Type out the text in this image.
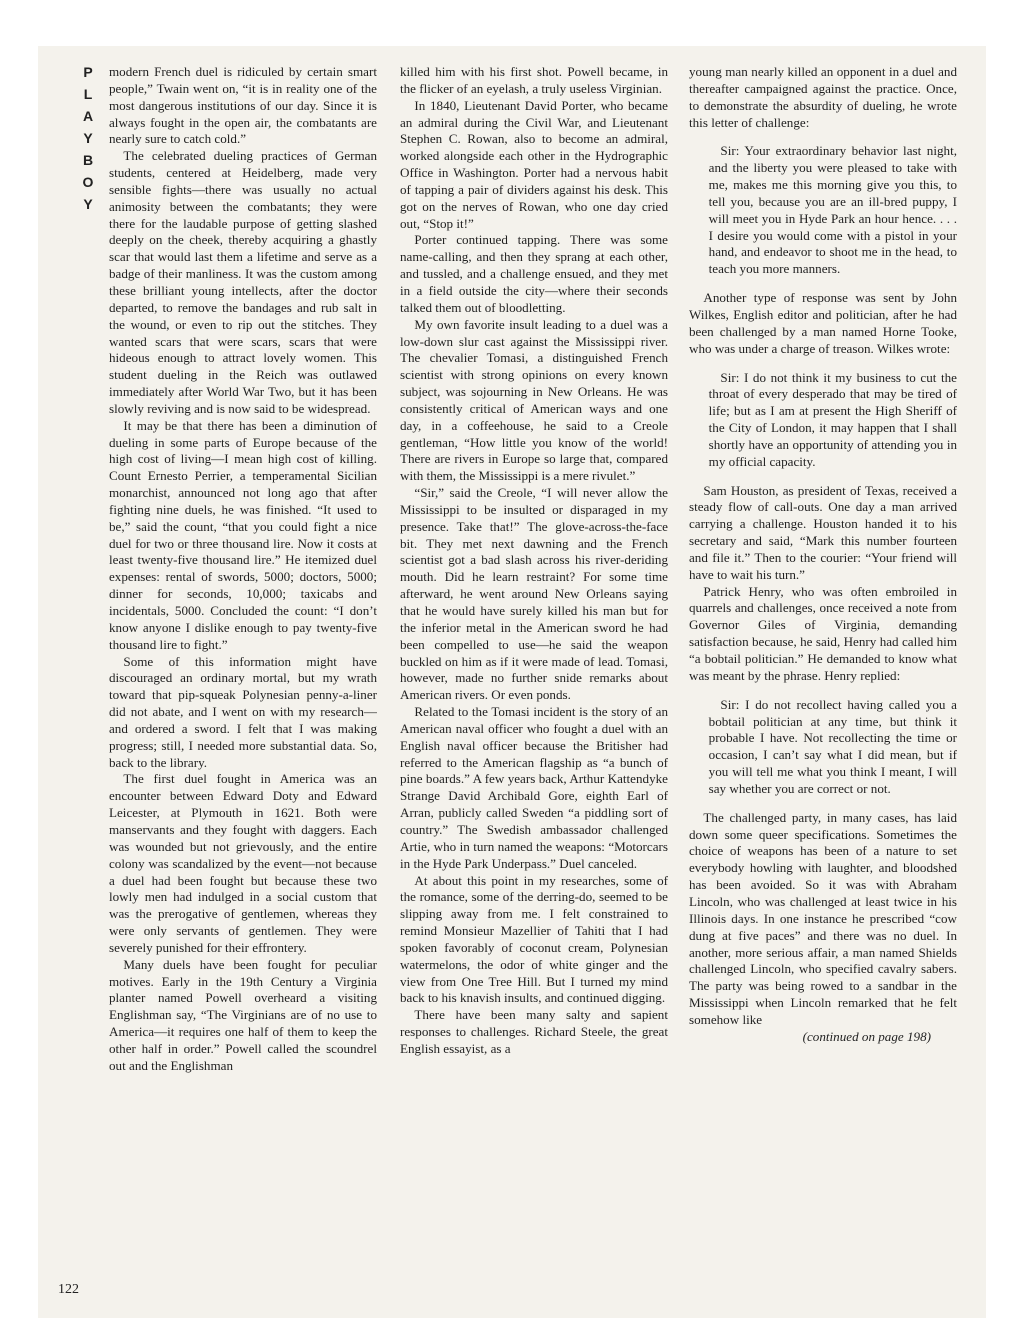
PLAYBOY modern French duel is ridiculed by certain smart people,” Twain went on, “it is in reality one of the most dangerous institutions of our day. Since it is always fought in the open air, the combatants are nearly sure to catch cold.”

The celebrated dueling practices of German students, centered at Heidelberg, made very sensible fights—there was usually no actual animosity between the combatants; they were there for the laudable purpose of getting slashed deeply on the cheek, thereby acquiring a ghastly scar that would last them a lifetime and serve as a badge of their manliness. It was the custom among these brilliant young intellects, after the doctor departed, to remove the bandages and rub salt in the wound, or even to rip out the stitches. They wanted scars that were scars, scars that were hideous enough to attract lovely women. This student dueling in the Reich was outlawed immediately after World War Two, but it has been slowly reviving and is now said to be widespread.

It may be that there has been a diminution of dueling in some parts of Europe because of the high cost of living—I mean high cost of killing. Count Ernesto Perrier, a temperamental Sicilian monarchist, announced not long ago that after fighting nine duels, he was finished. “It used to be,” said the count, “that you could fight a nice duel for two or three thousand lire. Now it costs at least twenty-five thousand lire.” He itemized duel expenses: rental of swords, 5000; doctors, 5000; dinner for seconds, 10,000; taxicabs and incidentals, 5000. Concluded the count: “I don’t know anyone I dislike enough to pay twenty-five thousand lire to fight.”

Some of this information might have discouraged an ordinary mortal, but my wrath toward that pip-squeak Polynesian penny-a-liner did not abate, and I went on with my research—and ordered a sword. I felt that I was making progress; still, I needed more substantial data. So, back to the library.

The first duel fought in America was an encounter between Edward Doty and Edward Leicester, at Plymouth in 1621. Both were manservants and they fought with daggers. Each was wounded but not grievously, and the entire colony was scandalized by the event—not because a duel had been fought but because these two lowly men had indulged in a social custom that was the prerogative of gentlemen, whereas they were only servants of gentlemen. They were severely punished for their effrontery.

Many duels have been fought for peculiar motives. Early in the 19th Century a Virginia planter named Powell overheard a visiting Englishman say, “The Virginians are of no use to America—it requires one half of them to keep the other half in order.” Powell called the scoundrel out and the Englishman

killed him with his first shot. Powell became, in the flicker of an eyelash, a truly useless Virginian.

In 1840, Lieutenant David Porter, who became an admiral during the Civil War, and Lieutenant Stephen C. Rowan, also to become an admiral, worked alongside each other in the Hydrographic Office in Washington. Porter had a nervous habit of tapping a pair of dividers against his desk. This got on the nerves of Rowan, who one day cried out, “Stop it!”

Porter continued tapping. There was some name-calling, and then they sprang at each other, and tussled, and a challenge ensued, and they met in a field outside the city—where their seconds talked them out of bloodletting.

My own favorite insult leading to a duel was a low-down slur cast against the Mississippi river. The chevalier Tomasi, a distinguished French scientist with strong opinions on every known subject, was sojourning in New Orleans. He was consistently critical of American ways and one day, in a coffeehouse, he said to a Creole gentleman, “How little you know of the world! There are rivers in Europe so large that, compared with them, the Mississippi is a mere rivulet.”

“Sir,” said the Creole, “I will never allow the Mississippi to be insulted or disparaged in my presence. Take that!” The glove-across-the-face bit. They met next dawning and the French scientist got a bad slash across his river-deriding mouth. Did he learn restraint? For some time afterward, he went around New Orleans saying that he would have surely killed his man but for the inferior metal in the American sword he had been compelled to use—he said the weapon buckled on him as if it were made of lead. Tomasi, however, made no further snide remarks about American rivers. Or even ponds.

Related to the Tomasi incident is the story of an American naval officer who fought a duel with an English naval officer because the Britisher had referred to the American flagship as “a bunch of pine boards.” A few years back, Arthur Kattendyke Strange David Archibald Gore, eighth Earl of Arran, publicly called Sweden “a piddling sort of country.” The Swedish ambassador challenged Artie, who in turn named the weapons: “Motorcars in the Hyde Park Underpass.” Duel canceled.

At about this point in my researches, some of the romance, some of the derring-do, seemed to be slipping away from me. I felt constrained to remind Monsieur Mazellier of Tahiti that I had spoken favorably of coconut cream, Polynesian watermelons, the odor of white ginger and the view from One Tree Hill. But I turned my mind back to his knavish insults, and continued digging.

There have been many salty and sapient responses to challenges. Richard Steele, the great English essayist, as a

young man nearly killed an opponent in a duel and thereafter campaigned against the practice. Once, to demonstrate the absurdity of dueling, he wrote this letter of challenge:

Sir: Your extraordinary behavior last night, and the liberty you were pleased to take with me, makes me this morning give you this, to tell you, because you are an ill-bred puppy, I will meet you in Hyde Park an hour hence. . . . I desire you would come with a pistol in your hand, and endeavor to shoot me in the head, to teach you more manners.

Another type of response was sent by John Wilkes, English editor and politician, after he had been challenged by a man named Horne Tooke, who was under a charge of treason. Wilkes wrote:

Sir: I do not think it my business to cut the throat of every desperado that may be tired of life; but as I am at present the High Sheriff of the City of London, it may happen that I shall shortly have an opportunity of attending you in my official capacity.

Sam Houston, as president of Texas, received a steady flow of call-outs. One day a man arrived carrying a challenge. Houston handed it to his secretary and said, “Mark this number fourteen and file it.” Then to the courier: “Your friend will have to wait his turn.”

Patrick Henry, who was often embroiled in quarrels and challenges, once received a note from Governor Giles of Virginia, demanding satisfaction because, he said, Henry had called him “a bobtail politician.” He demanded to know what was meant by the phrase. Henry replied:

Sir: I do not recollect having called you a bobtail politician at any time, but think it probable I have. Not recollecting the time or occasion, I can’t say what I did mean, but if you will tell me what you think I meant, I will say whether you are correct or not.

The challenged party, in many cases, has laid down some queer specifications. Sometimes the choice of weapons has been of a nature to set everybody howling with laughter, and bloodshed has been avoided. So it was with Abraham Lincoln, who was challenged at least twice in his Illinois days. In one instance he prescribed “cow dung at five paces” and there was no duel. In another, more serious affair, a man named Shields challenged Lincoln, who specified cavalry sabers. The party was being rowed to a sandbar in the Mississippi when Lincoln remarked that he felt somehow like

(continued on page 198)

122
